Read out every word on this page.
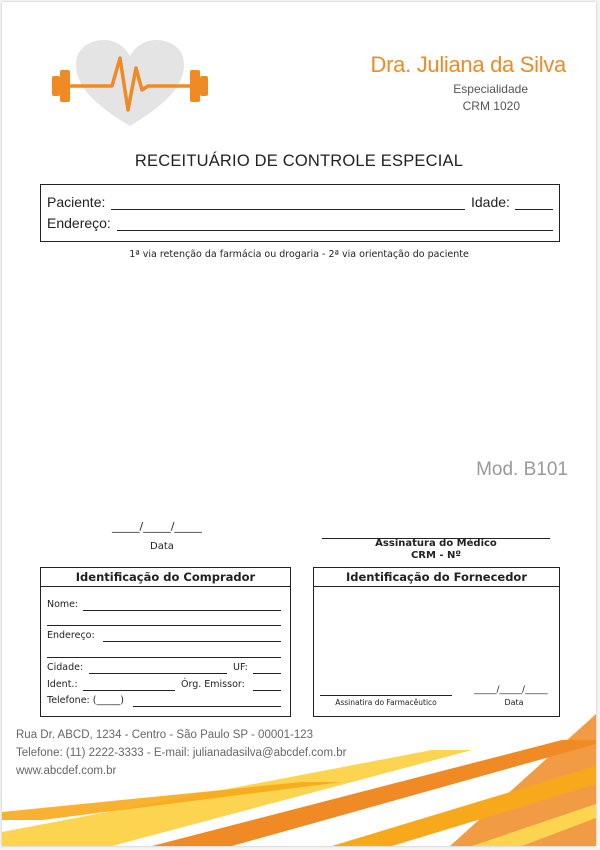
Dra. Juliana da Silva
Especialidade
CRM 1020
RECEITUÁRIO DE CONTROLE ESPECIAL
Paciente:	Idade:
Endereço:
1ª via retenção da farmácia ou drogaria - 2ª via orientação do paciente
Mod. B101
_____/_____/_____
Data	Assinatura do Médico
CRM - Nº
Identificação do Comprador
Nome:
Endereço:
Cidade:	UF:
Ident.:	Órg. Emissor:
Telefone: (_____)
Identificação do Fornecedor
Assinatira do Farmacêutico
_____/_____/_____
Data
Rua Dr. ABCD, 1234 - Centro - São Paulo SP - 00001-123
Telefone: (11) 2222-3333 - E-mail: julianadasilva@abcdef.com.br
www.abcdef.com.br
